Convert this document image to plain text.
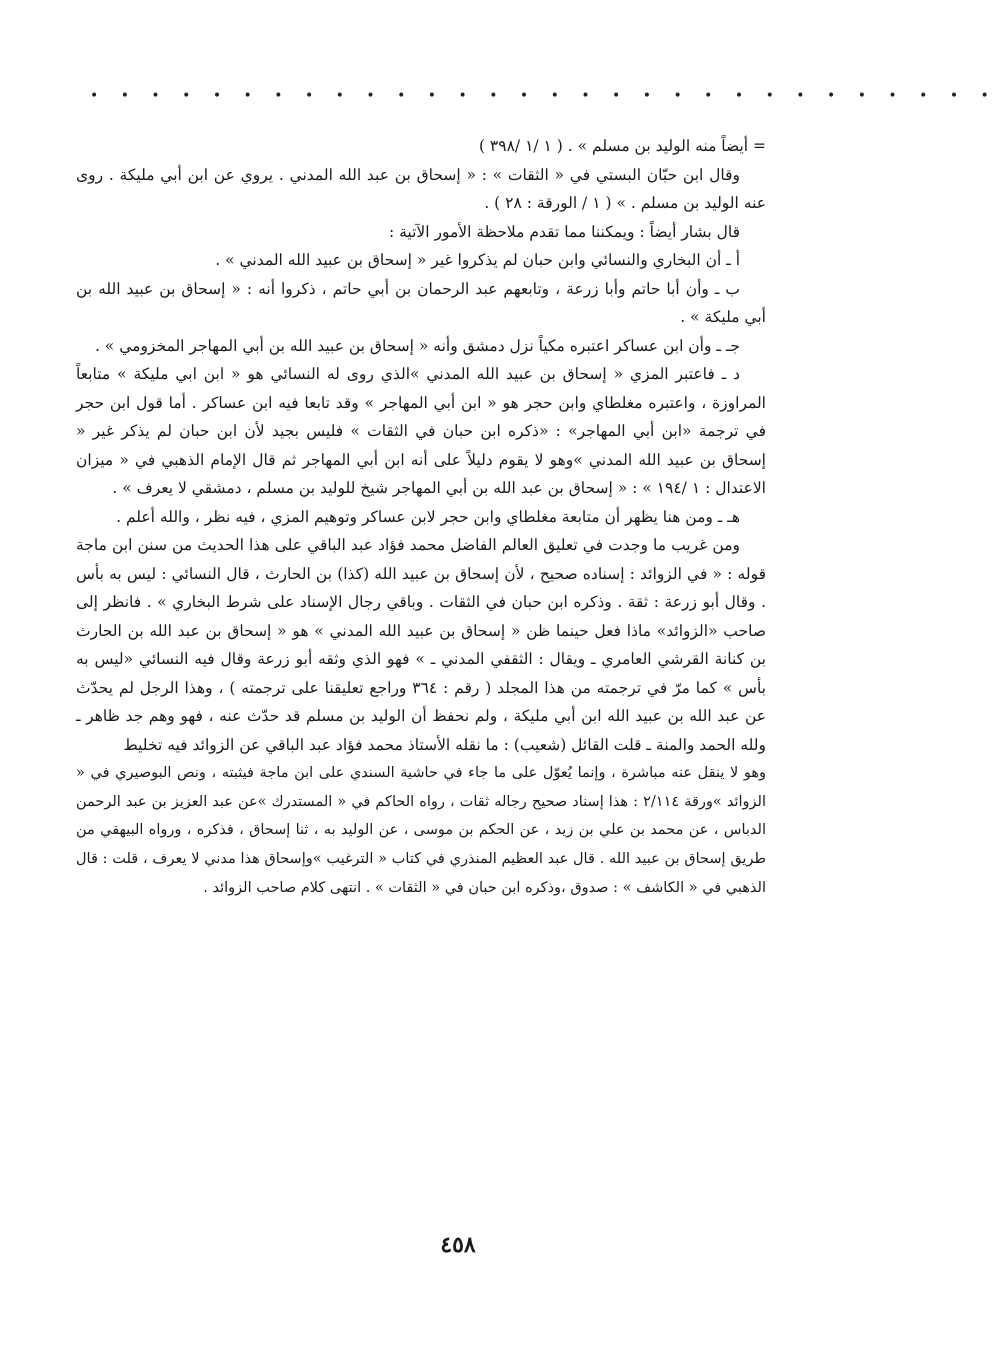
• • • • • • • • • • • • • • • • • • • • • • • • • • • • • •

= أيضاً منه الوليد بن مسلم » . ( ١ /١ /٣٩٨ )

وقال ابن حبّان البستي في « الثقات » : « إسحاق بن عبد الله المدني . يروي عن ابن أبي مليكة . روى عنه الوليد بن مسلم . » ( ١ / الورقة : ٢٨ ) .

قال بشار أيضاً : ويمكننا مما تقدم ملاحظة الأمور الآتية :

أ ـ أن البخاري والنسائي وابن حبان لم يذكروا غير « إسحاق بن عبيد الله المدني » .

ب ـ وأن أبا حاتم وأبا زرعة ، وتابعهم عبد الرحمان بن أبي حاتم ، ذكروا أنه : « إسحاق بن عبيد الله بن أبي مليكة » .

جـ ـ وأن ابن عساكر اعتبره مكياً نزل دمشق وأنه « إسحاق بن عبيد الله بن أبي المهاجر المخزومي » .

د ـ فاعتبر المزي « إسحاق بن عبيد الله المدني »الذي روى له النسائي هو « ابن ابي مليكة » متابعاً المراوزة ، واعتبره مغلطاي وابن حجر هو « ابن أبي المهاجر » وقد تابعا فيه ابن عساكر . أما قول ابن حجر في ترجمة «ابن أبي المهاجر» : «ذكره ابن حبان في الثقات » فليس بجيد لأن ابن حبان لم يذكر غير « إسحاق بن عبيد الله المدني »وهو لا يقوم دليلاً على أنه ابن أبي المهاجر ثم قال الإمام الذهبي في « ميزان الاعتدال : ١ /١٩٤ » : « إسحاق بن عبد الله بن أبي المهاجر شيخ للوليد بن مسلم ، دمشقي لا يعرف » .

هـ ـ ومن هنا يظهر أن متابعة مغلطاي وابن حجر لابن عساكر وتوهيم المزي ، فيه نظر ، والله أعلم .

ومن غريب ما وجدت في تعليق العالم الفاضل محمد فؤاد عبد الباقي على هذا الحديث من سنن ابن ماجة قوله : « في الزوائد : إسناده صحيح ، لأن إسحاق بن عبيد الله (كذا) بن الحارث ، قال النسائي : ليس به بأس . وقال أبو زرعة : ثقة . وذكره ابن حبان في الثقات . وباقي رجال الإسناد على شرط البخاري » . فانظر إلى صاحب «الزوائد» ماذا فعل حينما ظن « إسحاق بن عبيد الله المدني » هو « إسحاق بن عبد الله بن الحارث بن كنانة القرشي العامري ـ ويقال : الثقفي المدني ـ » فهو الذي وثقه أبو زرعة وقال فيه النسائي «ليس به بأس » كما مرّ في ترجمته من هذا المجلد ( رقم : ٣٦٤ وراجع تعليقنا على ترجمته ) ، وهذا الرجل لم يحدّث عن عبد الله بن عبيد الله ابن أبي مليكة ، ولم نحفظ أن الوليد بن مسلم قد حدّث عنه ، فهو وهم جد ظاهر ـ ولله الحمد والمنة ـ قلت القائل (شعيب) : ما نقله الأستاذ محمد فؤاد عبد الباقي عن الزوائد فيه تخليط

وهو لا ينقل عنه مباشرة ، وإنما يُعوّل على ما جاء في حاشية السندي على ابن ماجة فيثبته ، ونص البوصيري في « الزوائد »ورقة ٢/١١٤ : هذا إسناد صحيح رجاله ثقات ، رواه الحاكم في « المستدرك »عن عبد العزيز بن عبد الرحمن الدباس ، عن محمد بن علي بن زيد ، عن الحكم بن موسى ، عن الوليد به ، ثنا إسحاق ، فذكره ، ورواه البيهقي من طريق إسحاق بن عبيد الله . قال عبد العظيم المنذري في كتاب « الترغيب »وإسحاق هذا مدني لا يعرف ، قلت : قال الذهبي في « الكاشف » : صدوق ،وذكره ابن حبان في « الثقات » . انتهى كلام صاحب الزوائد .

٤٥٨
